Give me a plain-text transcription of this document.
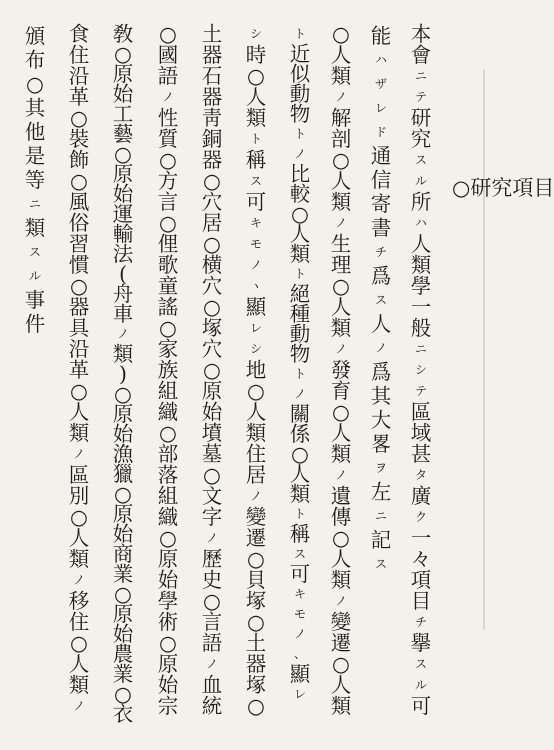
○研究項目
本
會
ニ
テ
研
究
ス
ル
所
ハ
人
類
學
一
般
ニ
シ
テ
區
域
甚
タ
廣
ク
一
々
項
目
チ
擧
ス
ル
可
能
ハ
ザ
レ
ド
通
信
寄
書
チ
爲
ス
人
ノ
爲
其
大
畧
ヲ
左
ニ
記
ス
○
人
類
ノ
解
剖
○
人
類
ノ
生
理
○
人
類
ノ
發
育
○
人
類
ノ
遺
傳
○
人
類
ノ
變
遷
○
人
類
ト
近
似
動
物
ト
ノ
比
較
○
人
類
ト
絕
種
動
物
ト
ノ
關
係
○
人
類
ト
稱
ス
可
キ
モ
ノ
、
顯
レ
シ
時
○
人
類
ト
稱
ス
可
キ
モ
ノ
ヽ
顯
レ
シ
地
○
人
類
住
居
ノ
變
遷
○
貝
塚
○
土
器
塚
○
土
器
石
器
靑
銅
器
○
穴
居
○
横
穴
○
塚
穴
○
原
始
墳
墓
○
文
字
ノ
歷
史
○
言
語
ノ
血
統
○
國
語
ノ
性
質
○
方
言
○
俚
歌
童
謠
○
家
族
組
織
○
部
落
組
織
○
原
始
學
術
○
原
始
宗
敎
○
原
始
工
藝
○
原
始
運
輸
法
(
舟
車
ノ
類
)
○
原
始
漁
獵
○
原
始
商
業
○
原
始
農
業
○
衣
食
住
沿
革
○
裝
飾
○
風
俗
習
慣
○
器
具
沿
革
○
人
類
ノ
區
別
○
人
類
ノ
移
住
○
人
類
ノ
頒
布
○
其
他
是
等
ニ
類
ス
ル
事
件
